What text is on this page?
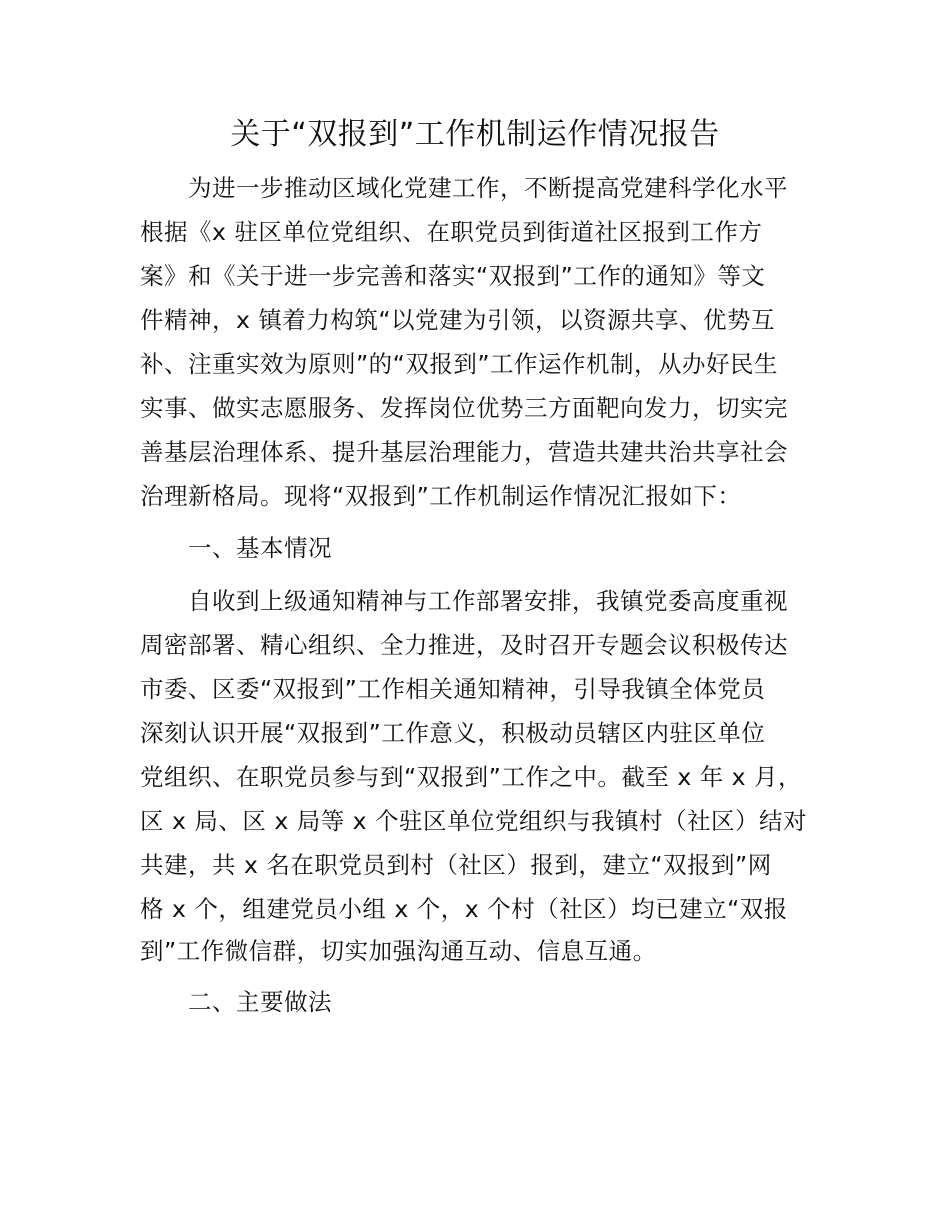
关于“双报到”工作机制运作情况报告
为进一步推动区域化党建工作，不断提高党建科学化水平
根据《x 驻区单位党组织、在职党员到街道社区报到工作方
案》和《关于进一步完善和落实“双报到”工作的通知》等文
件精神，x 镇着力构筑“以党建为引领，以资源共享、优势互
补、注重实效为原则”的“双报到”工作运作机制，从办好民生
实事、做实志愿服务、发挥岗位优势三方面靶向发力，切实完
善基层治理体系、提升基层治理能力，营造共建共治共享社会
治理新格局。现将“双报到”工作机制运作情况汇报如下：
一、基本情况
自收到上级通知精神与工作部署安排，我镇党委高度重视
周密部署、精心组织、全力推进，及时召开专题会议积极传达
市委、区委“双报到”工作相关通知精神，引导我镇全体党员
深刻认识开展“双报到”工作意义，积极动员辖区内驻区单位
党组织、在职党员参与到“双报到”工作之中。截至 x 年 x 月，
区 x 局、区 x 局等 x 个驻区单位党组织与我镇村（社区）结对
共建，共 x 名在职党员到村（社区）报到，建立“双报到”网
格 x 个，组建党员小组 x 个，x 个村（社区）均已建立“双报
到”工作微信群，切实加强沟通互动、信息互通。
二、主要做法
